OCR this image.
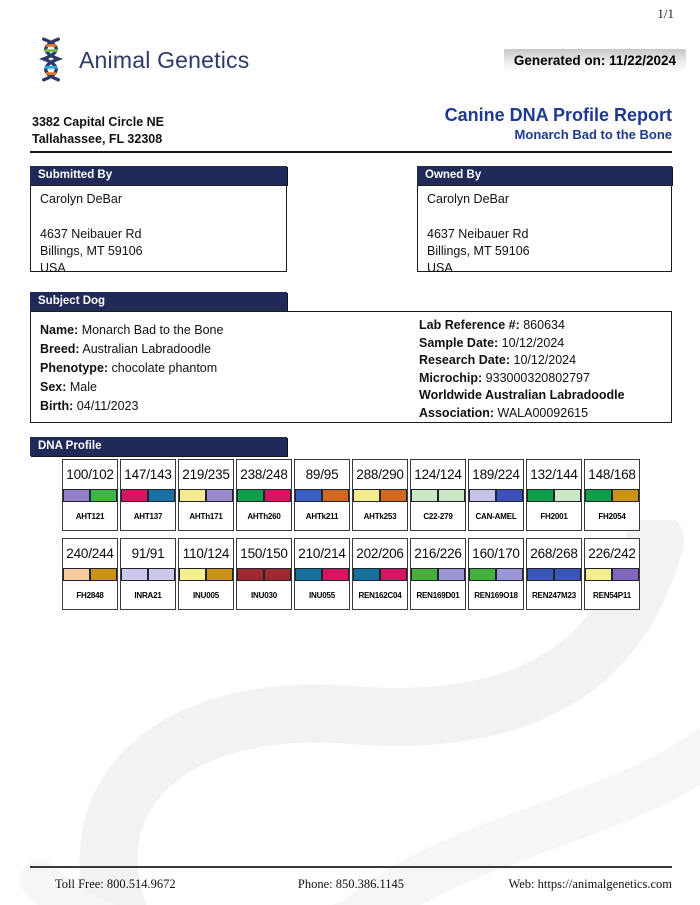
1/1
Animal Genetics	Generated on: 11/22/2024
3382 Capital Circle NE
Tallahassee, FL 32308
Canine DNA Profile Report
Monarch Bad to the Bone
Submitted By
Carolyn DeBar
4637 Neibauer Rd
Billings, MT 59106
USA
Owned By
Carolyn DeBar
4637 Neibauer Rd
Billings, MT 59106
USA
Subject Dog
Name: Monarch Bad to the Bone
Breed: Australian Labradoodle
Phenotype: chocolate phantom
Sex: Male
Birth: 04/11/2023
Lab Reference #: 860634
Sample Date: 10/12/2024
Research Date: 10/12/2024
Microchip: 933000320802797
Worldwide Australian Labradoodle Association: WALA00092615
DNA Profile
100/102
AHT121
147/143
AHT137
219/235
AHTh171
238/248
AHTh260
89/95
AHTk211
288/290
AHTk253
124/124
C22-279
189/224
CAN-AMEL
132/144
FH2001
148/168
FH2054
240/244
FH2848
91/91
INRA21
110/124
INU005
150/150
INU030
210/214
INU055
202/206
REN162C04
216/226
REN169D01
160/170
REN169O18
268/268
REN247M23
226/242
REN54P11
Toll Free: 800.514.9672	Phone: 850.386.1145	Web: https://animalgenetics.com
